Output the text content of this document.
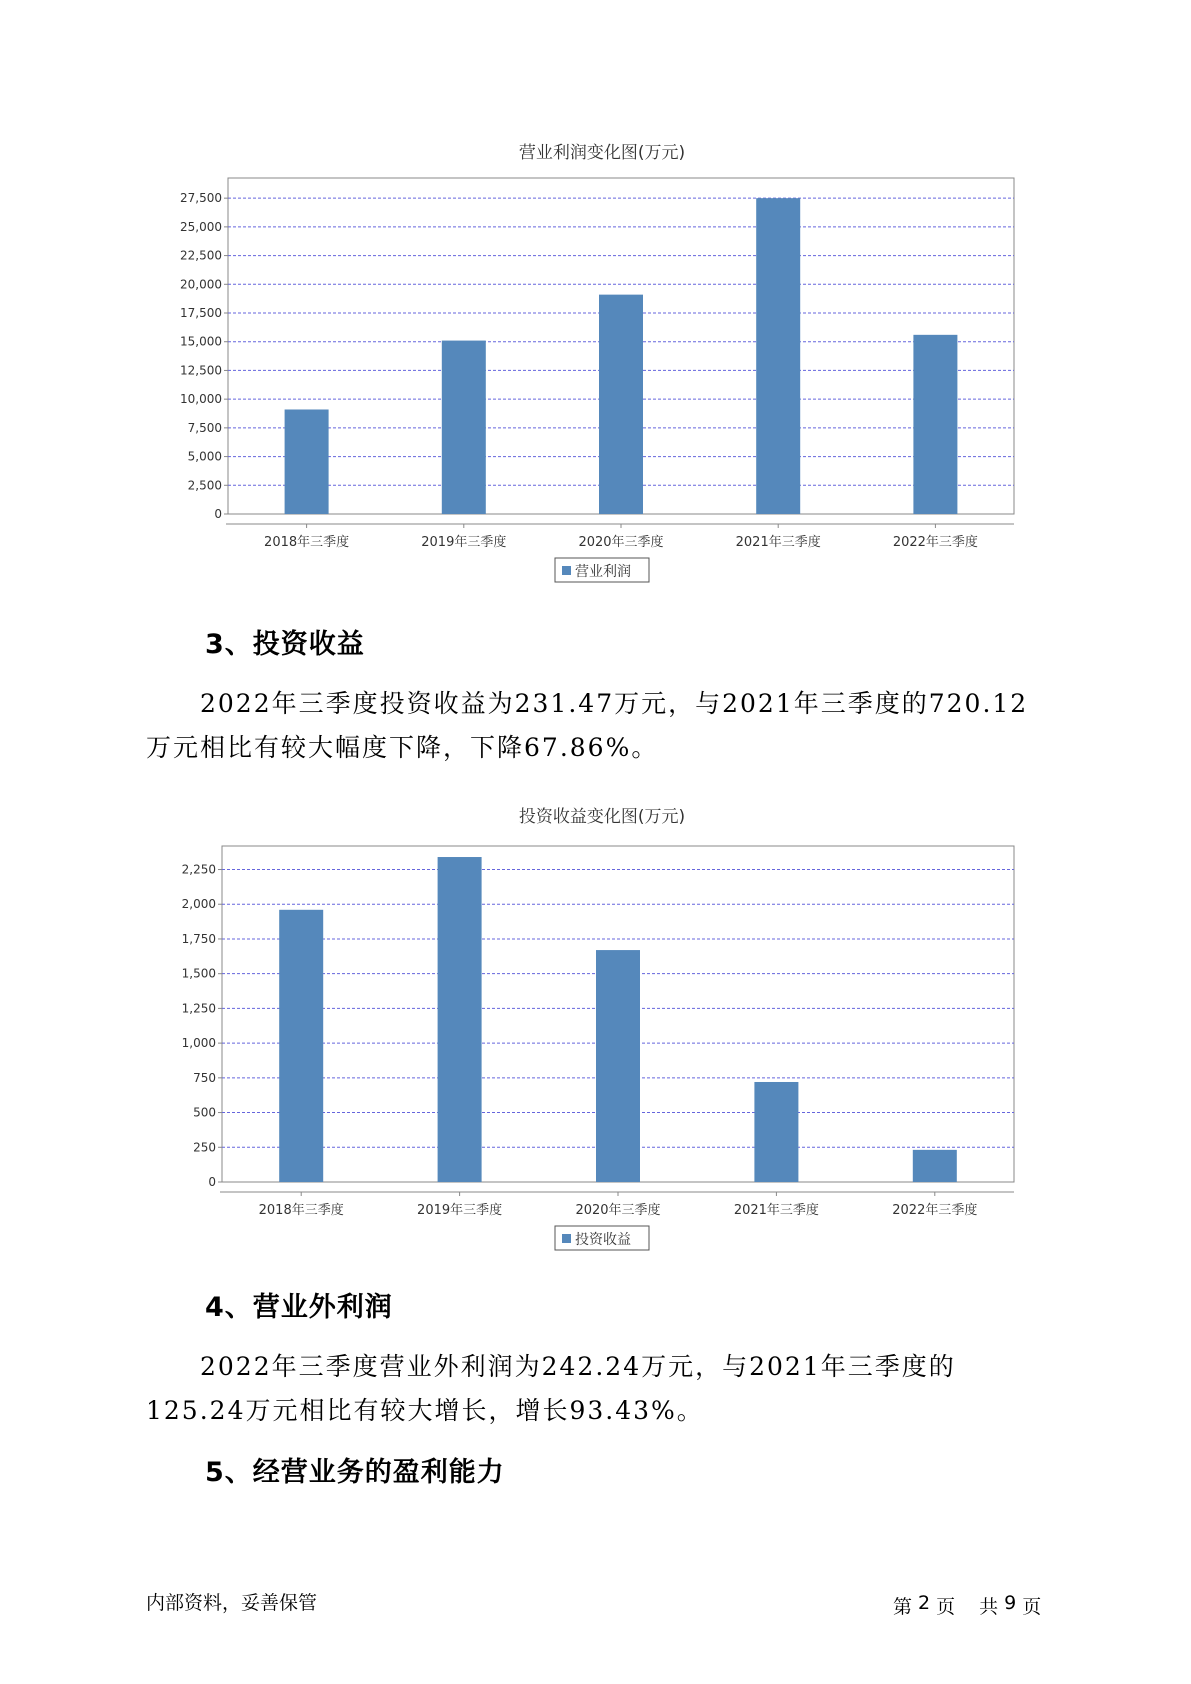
营业利润变化图(万元)
0
2,500
5,000
7,500
10,000
12,500
15,000
17,500
20,000
22,500
25,000
27,500
2018年三季度	2019年三季度	2020年三季度	2021年三季度	2022年三季度
营业利润
3、投资收益

2022年三季度投资收益为231.47万元，与2021年三季度的720.12万元相比有较大幅度下降，下降67.86%。

投资收益变化图(万元)
0
250
500
750
1,000
1,250
1,500
1,750
2,000
2,250
2018年三季度	2019年三季度	2020年三季度	2021年三季度	2022年三季度
投资收益
4、营业外利润

2022年三季度营业外利润为242.24万元，与2021年三季度的125.24万元相比有较大增长，增长93.43%。

5、经营业务的盈利能力
内部资料，妥善保管	第 2 页 共 9 页
